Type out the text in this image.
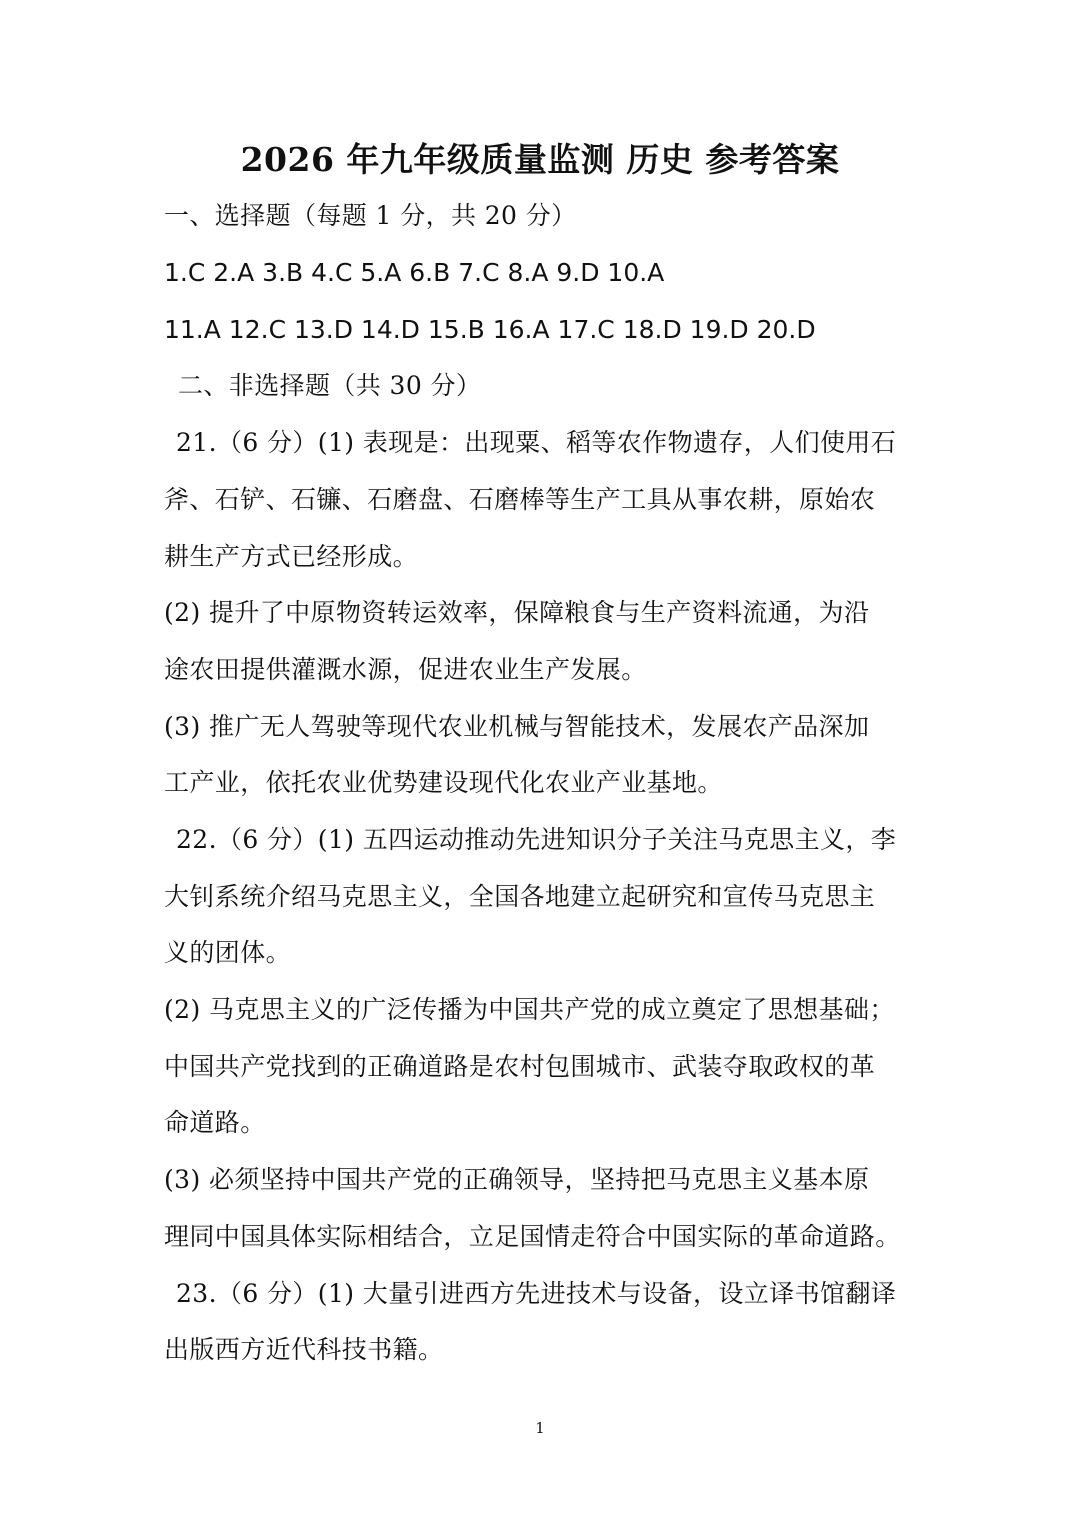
2026 年九年级质量监测 历史 参考答案
一、选择题（每题 1 分，共 20 分）
1.C 2.A 3.B 4.C 5.A 6.B 7.C 8.A 9.D 10.A
11.A 12.C 13.D 14.D 15.B 16.A 17.C 18.D 19.D 20.D
二、非选择题（共 30 分）
21.（6 分）(1) 表现是：出现粟、稻等农作物遗存，人们使用石
斧、石铲、石镰、石磨盘、石磨棒等生产工具从事农耕，原始农
耕生产方式已经形成。
(2) 提升了中原物资转运效率，保障粮食与生产资料流通，为沿
途农田提供灌溉水源，促进农业生产发展。
(3) 推广无人驾驶等现代农业机械与智能技术，发展农产品深加
工产业，依托农业优势建设现代化农业产业基地。
22.（6 分）(1) 五四运动推动先进知识分子关注马克思主义，李
大钊系统介绍马克思主义，全国各地建立起研究和宣传马克思主
义的团体。
(2) 马克思主义的广泛传播为中国共产党的成立奠定了思想基础；
中国共产党找到的正确道路是农村包围城市、武装夺取政权的革
命道路。
(3) 必须坚持中国共产党的正确领导，坚持把马克思主义基本原
理同中国具体实际相结合，立足国情走符合中国实际的革命道路。
23.（6 分）(1) 大量引进西方先进技术与设备，设立译书馆翻译
出版西方近代科技书籍。
1
